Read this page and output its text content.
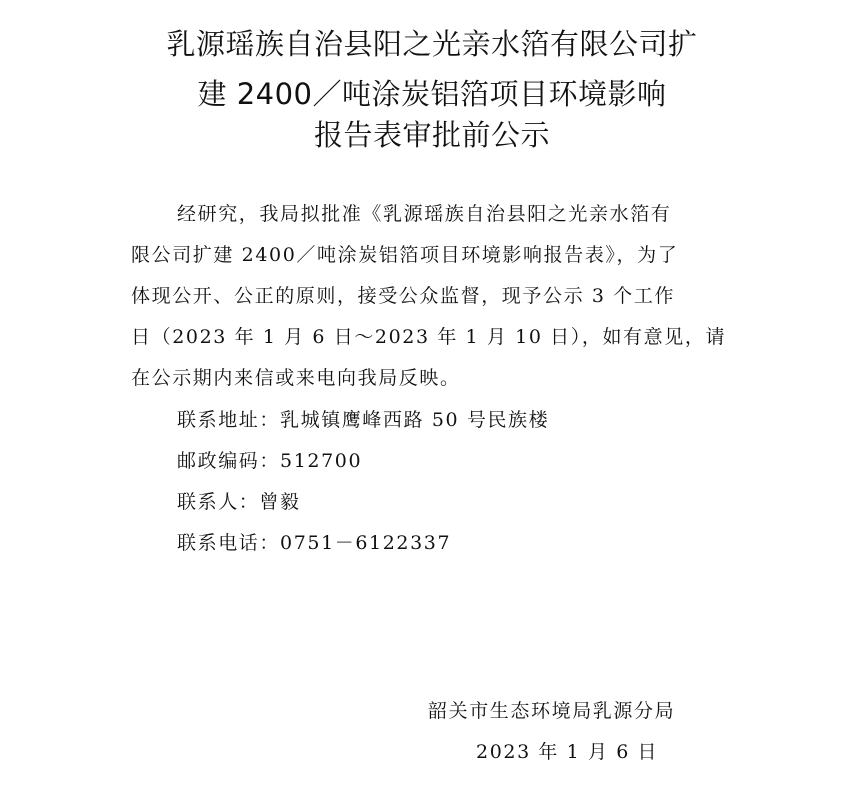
乳源瑶族自治县阳之光亲水箔有限公司扩
建 2400／吨涂炭铝箔项目环境影响
报告表审批前公示
经研究，我局拟批准《乳源瑶族自治县阳之光亲水箔有
限公司扩建 2400／吨涂炭铝箔项目环境影响报告表》，为了
体现公开、公正的原则，接受公众监督，现予公示 3 个工作
日（2023 年 1 月 6 日～2023 年 1 月 10 日），如有意见，请
在公示期内来信或来电向我局反映。
联系地址：乳城镇鹰峰西路 50 号民族楼
邮政编码：512700
联系人：曾毅
联系电话：0751－6122337
韶关市生态环境局乳源分局
2023 年 1 月 6 日
